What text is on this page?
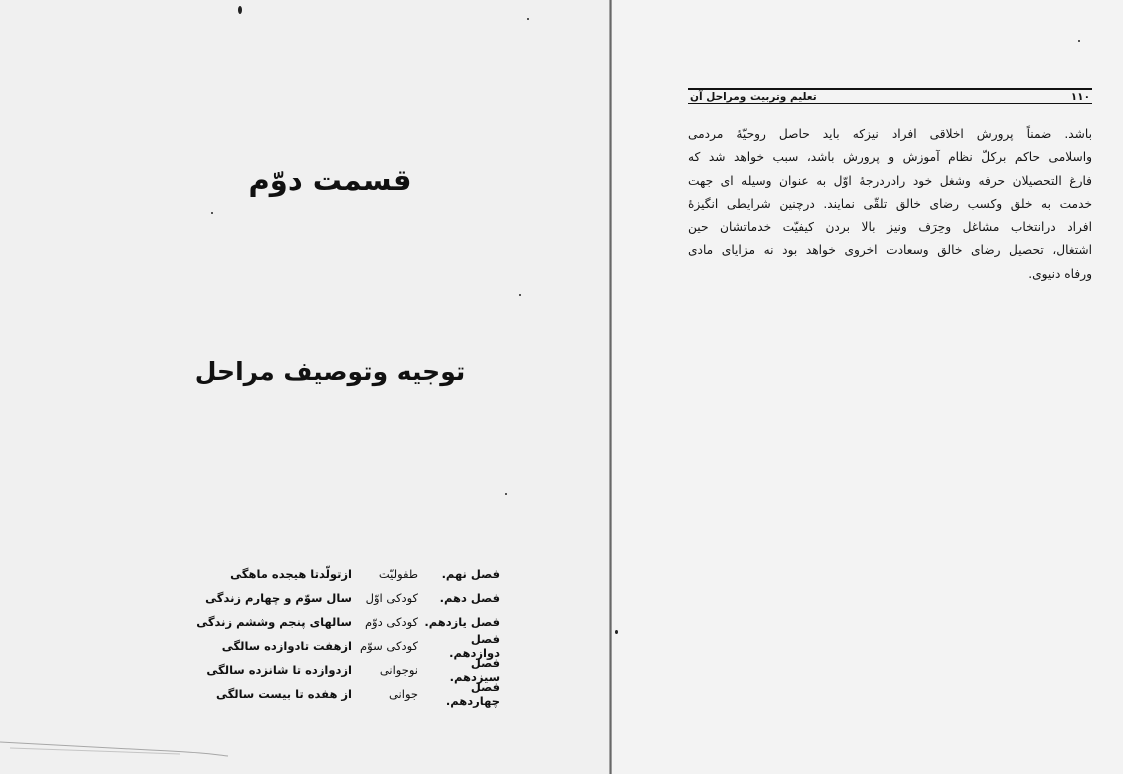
قسمت دوّم
توجیه وتوصیف مراحل
فصل نهم.
طفولیّت
ازتولّدتا هیجده ماهگی
فصل دهم.
کودکی اوّل
سال سوّم و چهارم زندگی
فصل یازدهم.
کودکی دوّم
سالهای پنجم وششم زندگی
فصل دوازدهم.
کودکی سوّم
ازهفت تادوازده سالگی
فصل سیزدهم.
نوجوانی
ازدوازده تا شانزده سالگی
فصل چهاردهم.
جوانی
از هفده تا بیست سالگی
۱۱۰
تعلیم وتربیت ومراحل آن
باشد. ضمناً پرورش اخلاقی افراد نیزکه باید حاصل روحیّهٔ مردمی
واسلامی حاکم برکلّ نظام آموزش و پرورش باشد، سبب خواهد شد که
فارغ التحصیلان حرفه وشغل خود رادردرجهٔ اوّل به عنوان وسیله ای جهت
خدمت به خلق وکسب رضای خالق تلقّی نمایند. درچنین شرایطی انگیزهٔ
افراد درانتخاب مشاغل وحِرَف ونیز بالا بردن کیفیّت خدماتشان حین
اشتغال، تحصیل رضای خالق وسعادت اخروی خواهد بود نه مزایای مادی
ورفاه دنیوی.
